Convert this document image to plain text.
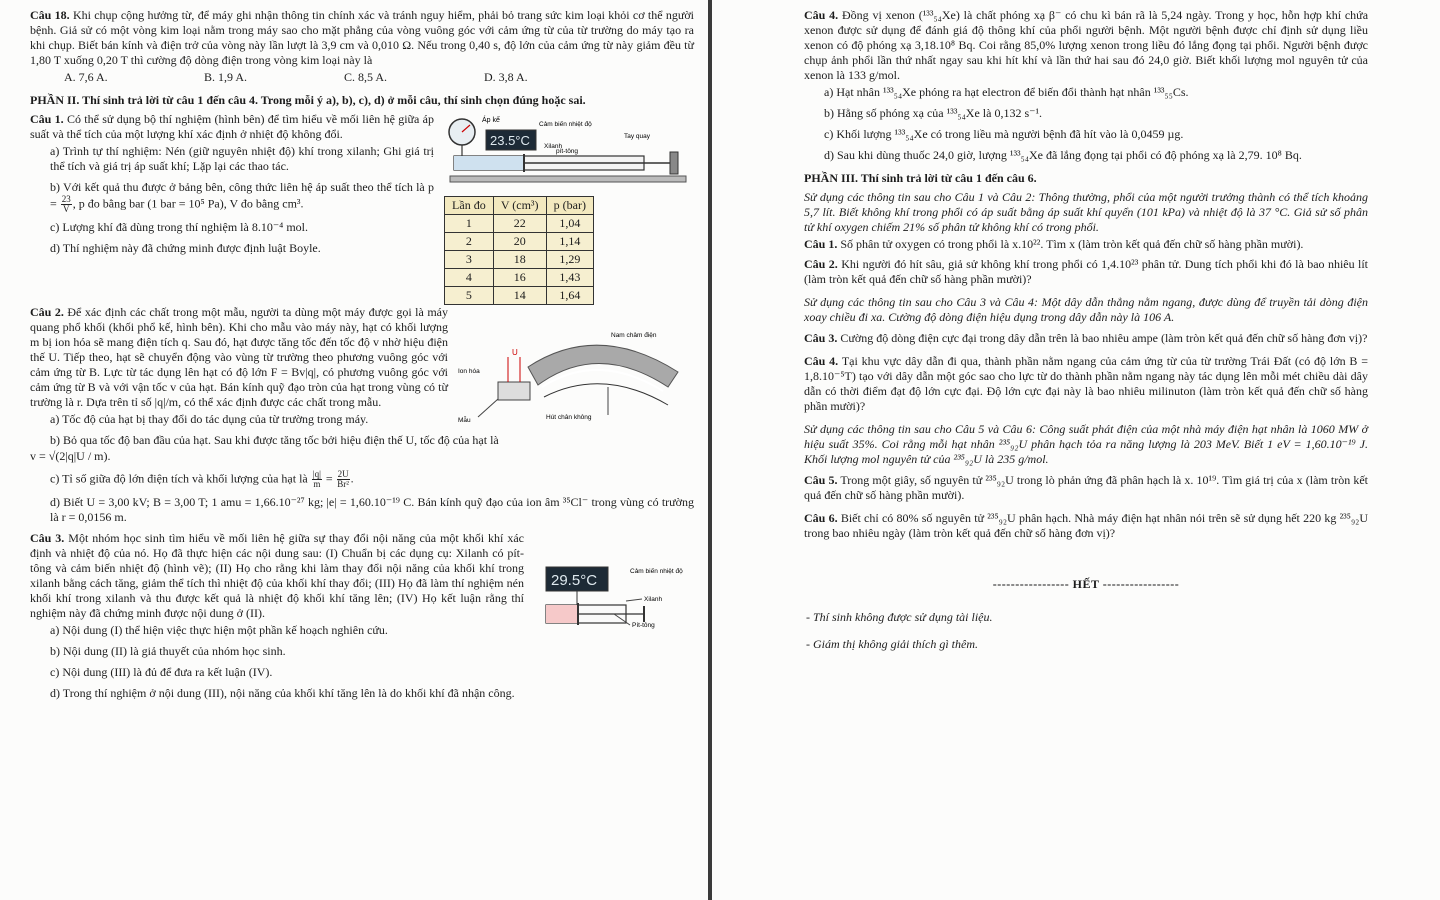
Câu 18. Khi chụp cộng hưởng từ, để máy ghi nhận thông tin chính xác và tránh nguy hiểm, phải bỏ trang sức kim loại khỏi cơ thể người bệnh. Giả sử có một vòng kim loại nằm trong máy sao cho mặt phẳng của vòng vuông góc với cảm ứng từ của từ trường do máy tạo ra khi chụp. Biết bán kính và điện trở của vòng này lần lượt là 3,9 cm và 0,010 Ω. Nếu trong 0,40 s, độ lớn của cảm ứng từ này giảm đều từ 1,80 T xuống 0,20 T thì cường độ dòng điện trong vòng kim loại này là

A. 7,6 A.	B. 1,9 A.	C. 8,5 A.	D. 3,8 A.

PHẦN II. Thí sinh trả lời từ câu 1 đến câu 4. Trong mỗi ý a), b), c), d) ở mỗi câu, thí sinh chọn đúng hoặc sai.

Áp kế
23.5°C
Cảm biến nhiệt độ
Tay quay
Xilanh
pít-tông
Lần đo	V (cm³)	p (bar)
1	22	1,04
2	20	1,14
3	18	1,29
4	16	1,43
5	14	1,64

Câu 1. Có thể sử dụng bộ thí nghiệm (hình bên) để tìm hiểu về mối liên hệ giữa áp suất và thể tích của một lượng khí xác định ở nhiệt độ không đổi.

a) Trình tự thí nghiệm: Nén (giữ nguyên nhiệt độ) khí trong xilanh; Ghi giá trị thể tích và giá trị áp suất khí; Lặp lại các thao tác.

b) Với kết quả thu được ở bảng bên, công thức liên hệ áp suất theo thể tích là $p = \frac{23}{V}$ , p đo bằng bar (1 bar = 10⁵ Pa), V đo bằng cm³.

c) Lượng khí đã dùng trong thí nghiệm là 8.10⁻⁴ mol.

d) Thí nghiệm này đã chứng minh được định luật Boyle.

Nam châm điện
Ion hóa
U
Mẫu	Hút chân không

Câu 2. Để xác định các chất trong một mẫu, người ta dùng một máy được gọi là máy quang phổ khối (khối phổ kế, hình bên). Khi cho mẫu vào máy này, hạt có khối lượng m bị ion hóa sẽ mang điện tích q. Sau đó, hạt được tăng tốc đến tốc độ v nhờ hiệu điện thế U. Tiếp theo, hạt sẽ chuyển động vào vùng từ trường theo phương vuông góc với cảm ứng từ B. Lực từ tác dụng lên hạt có độ lớn F = Bv|q|, có phương vuông góc với cảm ứng từ B và với vận tốc v của hạt. Bán kính quỹ đạo tròn của hạt trong vùng có từ trường là r. Dựa trên tỉ số |q|/m, có thể xác định được các chất trong mẫu.

a) Tốc độ của hạt bị thay đổi do tác dụng của từ trường trong máy.

b) Bỏ qua tốc độ ban đầu của hạt. Sau khi được tăng tốc bởi hiệu điện thế U, tốc độ của hạt là

v = √(2|q|U / m).

c) Tỉ số giữa độ lớn điện tích và khối lượng của hạt là $\frac{|q|}{m} = \frac{2U}{\text{Br²}}$ .

d) Biết U = 3,00 kV; B = 3,00 T; 1 amu = 1,66.10⁻²⁷ kg; |e| = 1,60.10⁻¹⁹ C. Bán kính quỹ đạo của ion âm ³⁵Cl⁻ trong vùng có trường là r = 0,0156 m.

29.5°C
Cảm biến nhiệt độ
Xilanh
Pít-tông

Câu 3. Một nhóm học sinh tìm hiểu về mối liên hệ giữa sự thay đổi nội năng của một khối khí xác định và nhiệt độ của nó. Họ đã thực hiện các nội dung sau: (I) Chuẩn bị các dụng cụ: Xilanh có pít-tông và cảm biến nhiệt độ (hình vẽ); (II) Họ cho rằng khi làm thay đổi nội năng của khối khí trong xilanh bằng cách tăng, giảm thể tích thì nhiệt độ của khối khí thay đổi; (III) Họ đã làm thí nghiệm nén khối khí trong xilanh và thu được kết quả là nhiệt độ khối khí tăng lên; (IV) Họ kết luận rằng thí nghiệm này đã chứng minh được nội dung ở (II).

a) Nội dung (I) thể hiện việc thực hiện một phần kế hoạch nghiên cứu.

b) Nội dung (II) là giả thuyết của nhóm học sinh.

c) Nội dung (III) là đủ để đưa ra kết luận (IV).

d) Trong thí nghiệm ở nội dung (III), nội năng của khối khí tăng lên là do khối khí đã nhận công.

Câu 4. Đồng vị xenon (¹³³₅₄Xe) là chất phóng xạ β⁻ có chu kì bán rã là 5,24 ngày. Trong y học, hỗn hợp khí chứa xenon được sử dụng để đánh giá độ thông khí của phổi người bệnh. Một người bệnh được chỉ định sử dụng liều xenon có độ phóng xạ 3,18.10⁸ Bq. Coi rằng 85,0% lượng xenon trong liều đó lắng đọng tại phổi. Người bệnh được chụp ảnh phổi lần thứ nhất ngay sau khi hít khí và lần thứ hai sau đó 24,0 giờ. Biết khối lượng mol nguyên tử của xenon là 133 g/mol.

a) Hạt nhân ¹³³₅₄Xe phóng ra hạt electron để biến đổi thành hạt nhân ¹³³₅₅Cs.

b) Hằng số phóng xạ của ¹³³₅₄Xe là 0,132 s⁻¹.

c) Khối lượng ¹³³₅₄Xe có trong liều mà người bệnh đã hít vào là 0,0459 µg.

d) Sau khi dùng thuốc 24,0 giờ, lượng ¹³³₅₄Xe đã lắng đọng tại phổi có độ phóng xạ là 2,79. 10⁸ Bq.

PHẦN III. Thí sinh trả lời từ câu 1 đến câu 6.

Sử dụng các thông tin sau cho Câu 1 và Câu 2: Thông thường, phổi của một người trưởng thành có thể tích khoảng 5,7 lít. Biết không khí trong phổi có áp suất bằng áp suất khí quyển (101 kPa) và nhiệt độ là 37 °C. Giả sử số phân tử khí oxygen chiếm 21% số phân tử không khí có trong phổi.

Câu 1. Số phân tử oxygen có trong phổi là x.10²². Tìm x (làm tròn kết quả đến chữ số hàng phần mười).

Câu 2. Khi người đó hít sâu, giả sử không khí trong phổi có 1,4.10²³ phân tử. Dung tích phổi khi đó là bao nhiêu lít (làm tròn kết quả đến chữ số hàng phần mười)?

Sử dụng các thông tin sau cho Câu 3 và Câu 4: Một dây dẫn thẳng nằm ngang, được dùng để truyền tải dòng điện xoay chiều đi xa. Cường độ dòng điện hiệu dụng trong dây dẫn này là 106 A.

Câu 3. Cường độ dòng điện cực đại trong dây dẫn trên là bao nhiêu ampe (làm tròn kết quả đến chữ số hàng đơn vị)?

Câu 4. Tại khu vực dây dẫn đi qua, thành phần nằm ngang của cảm ứng từ của từ trường Trái Đất (có độ lớn B = 1,8.10⁻⁵T) tạo với dây dẫn một góc sao cho lực từ do thành phần nằm ngang này tác dụng lên mỗi mét chiều dài dây dẫn có thời điểm đạt độ lớn cực đại. Độ lớn cực đại này là bao nhiêu milinuton (làm tròn kết quả đến chữ số hàng phần mười)?

Sử dụng các thông tin sau cho Câu 5 và Câu 6: Công suất phát điện của một nhà máy điện hạt nhân là 1060 MW ở hiệu suất 35%. Coi rằng mỗi hạt nhân ²³⁵₉₂U phân hạch tỏa ra năng lượng là 203 MeV. Biết 1 eV = 1,60.10⁻¹⁹ J. Khối lượng mol nguyên tử của ²³⁵₉₂U là 235 g/mol.

Câu 5. Trong một giây, số nguyên tử ²³⁵₉₂U trong lò phản ứng đã phân hạch là x. 10¹⁹. Tìm giá trị của x (làm tròn kết quả đến chữ số hàng phần mười).

Câu 6. Biết chỉ có 80% số nguyên tử ²³⁵₉₂U phân hạch. Nhà máy điện hạt nhân nói trên sẽ sử dụng hết 220 kg ²³⁵₉₂U trong bao nhiêu ngày (làm tròn kết quả đến chữ số hàng đơn vị)?

----------------- HẾT -----------------

- Thí sinh không được sử dụng tài liệu.

- Giám thị không giải thích gì thêm.
